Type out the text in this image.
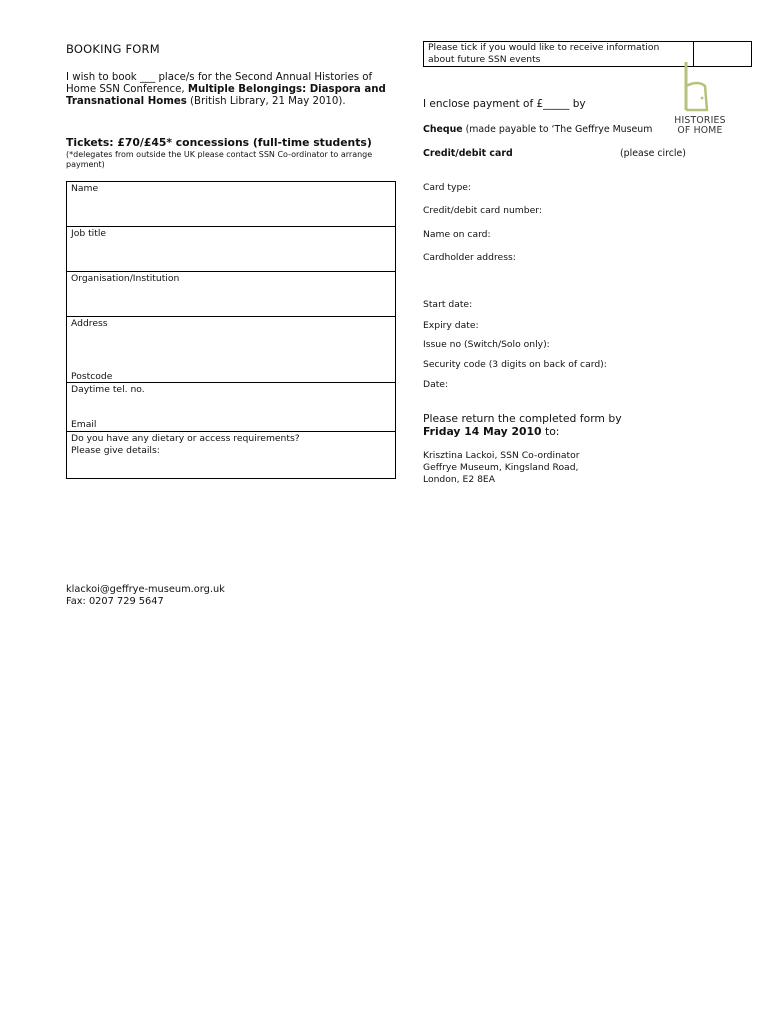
BOOKING FORM
I wish to book ___ place/s for the Second Annual Histories of Home SSN Conference, Multiple Belongings: Diaspora and Transnational Homes (British Library, 21 May 2010).
Tickets: £70/£45* concessions (full-time students)
(*delegates from outside the UK please contact SSN Co-ordinator to arrange payment)
Name
Job title
Organisation/Institution
Address
Postcode
Daytime tel. no.
Email
Do you have any dietary or access requirements?
Please give details:
Please tick if you would like to receive information
about future SSN events
HISTORIES
OF HOME
I enclose payment of £_____ by
Cheque (made payable to ‘The Geffrye Museum
Credit/debit card	(please circle)
Card type:
Credit/debit card number:
Name on card:
Cardholder address:
Start date:
Expiry date:
Issue no (Switch/Solo only):
Security code (3 digits on back of card):
Date:
Please return the completed form by
Friday 14 May 2010 to:
Krisztina Lackoi, SSN Co-ordinator
Geffrye Museum, Kingsland Road,
London, E2 8EA
klackoi@geffrye-museum.org.uk
Fax: 0207 729 5647
